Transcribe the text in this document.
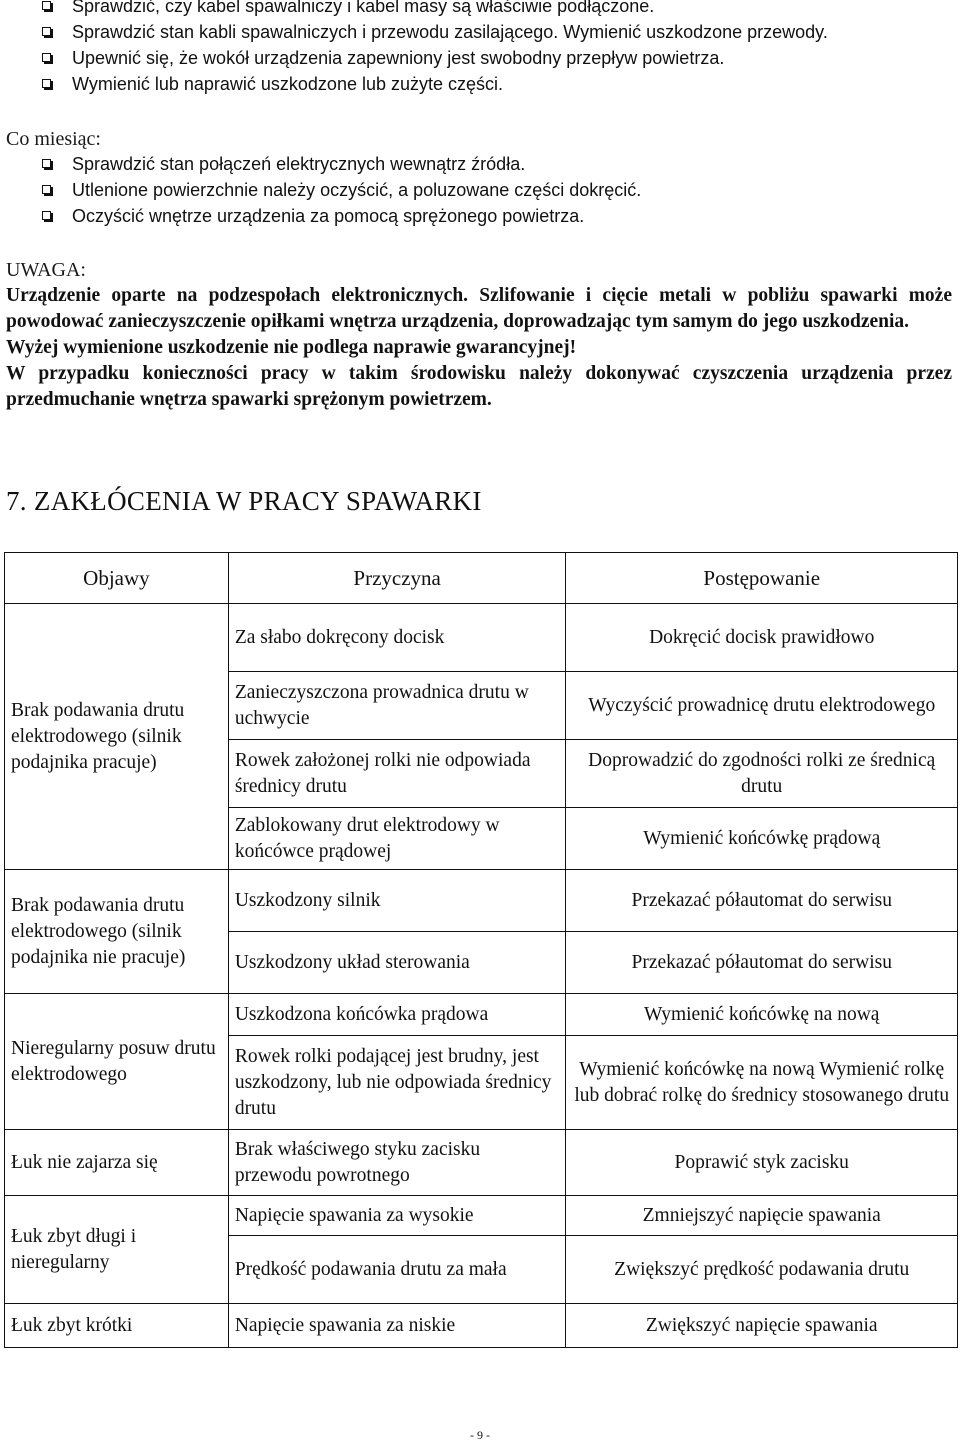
Sprawdzić, czy kabel spawalniczy i kabel masy są właściwie podłączone.
Sprawdzić stan kabli spawalniczych i przewodu zasilającego. Wymienić uszkodzone przewody.
Upewnić się, że wokół urządzenia zapewniony jest swobodny przepływ powietrza.
Wymienić lub naprawić uszkodzone lub zużyte części.
Co miesiąc:
Sprawdzić stan połączeń elektrycznych wewnątrz źródła.
Utlenione powierzchnie należy oczyścić, a poluzowane części dokręcić.
Oczyścić wnętrze urządzenia za pomocą sprężonego powietrza.
UWAGA:

Urządzenie oparte na podzespołach elektronicznych. Szlifowanie i cięcie metali w pobliżu spawarki może powodować zanieczyszczenie opiłkami wnętrza urządzenia, doprowadzając tym samym do jego uszkodzenia.

Wyżej wymienione uszkodzenie nie podlega naprawie gwarancyjnej!

W przypadku konieczności pracy w takim środowisku należy dokonywać czyszczenia urządzenia przez przedmuchanie wnętrza spawarki sprężonym powietrzem.

7. ZAKŁÓCENIA W PRACY SPAWARKI
Objawy	Przyczyna	Postępowanie
Brak podawania drutu elektrodowego (silnik podajnika pracuje)	Za słabo dokręcony docisk	Dokręcić docisk prawidłowo
	Zanieczyszczona prowadnica drutu w uchwycie	Wyczyścić prowadnicę drutu elektrodowego
	Rowek założonej rolki nie odpowiada średnicy drutu	Doprowadzić do zgodności rolki ze średnicą drutu
	Zablokowany drut elektrodowy w końcówce prądowej	Wymienić końcówkę prądową
Brak podawania drutu elektrodowego (silnik podajnika nie pracuje)	Uszkodzony silnik	Przekazać półautomat do serwisu
	Uszkodzony układ sterowania	Przekazać półautomat do serwisu
Nieregularny posuw drutu elektrodowego	Uszkodzona końcówka prądowa	Wymienić końcówkę na nową
	Rowek rolki podającej jest brudny, jest uszkodzony, lub nie odpowiada średnicy drutu	Wymienić końcówkę na nową Wymienić rolkę lub dobrać rolkę do średnicy stosowanego drutu
Łuk nie zajarza się	Brak właściwego styku zacisku przewodu powrotnego	Poprawić styk zacisku
Łuk zbyt długi i nieregularny	Napięcie spawania za wysokie	Zmniejszyć napięcie spawania
	Prędkość podawania drutu za mała	Zwiększyć prędkość podawania drutu
Łuk zbyt krótki	Napięcie spawania za niskie	Zwiększyć napięcie spawania
- 9 -
